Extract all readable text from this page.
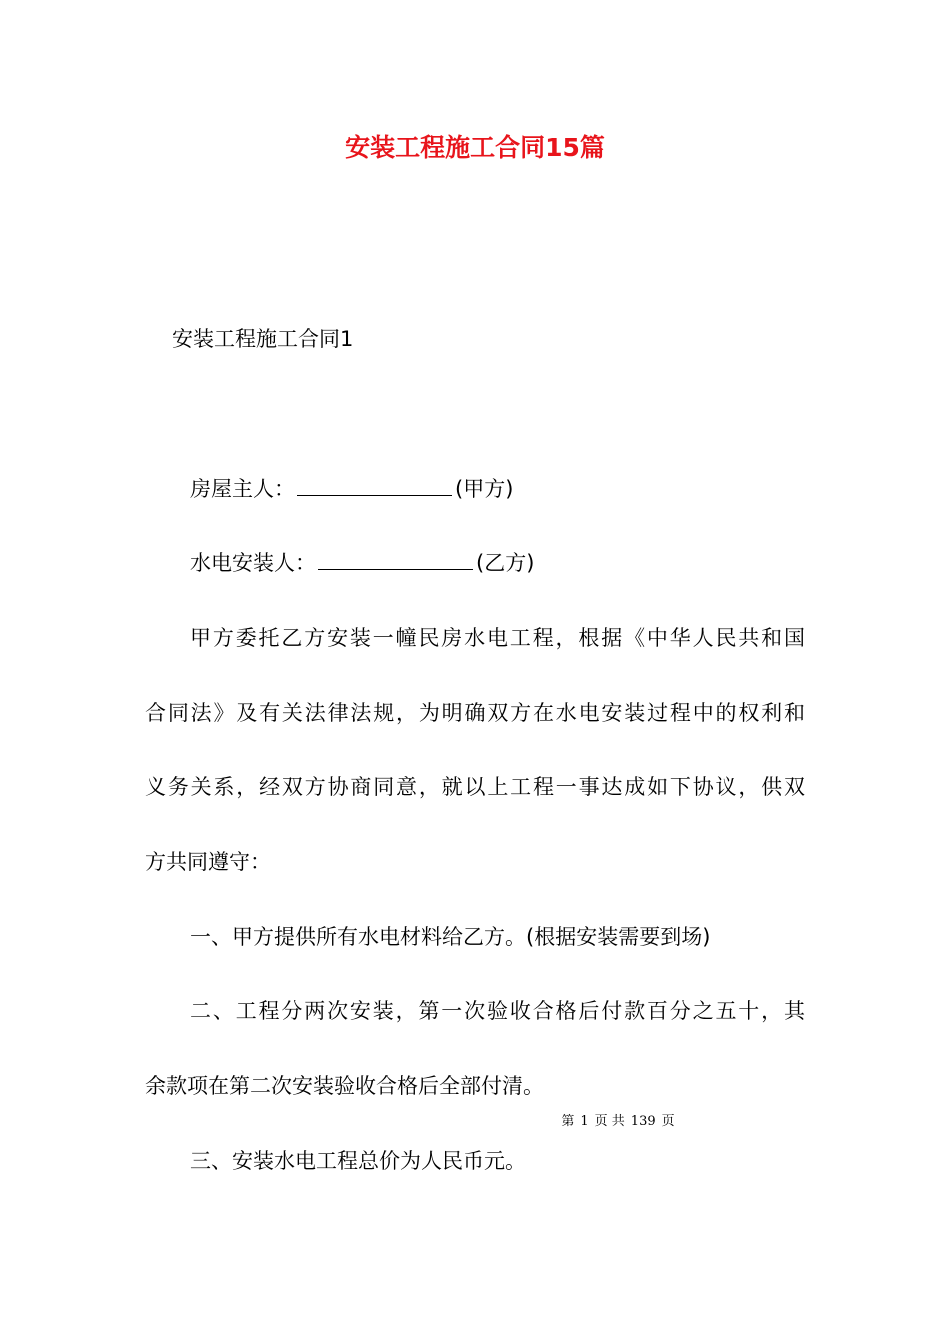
安装工程施工合同15篇
安装工程施工合同1
房屋主人：	(甲方)
水电安装人：	(乙方)
甲方委托乙方安装一幢民房水电工程，根据《中华人民共和国
合同法》及有关法律法规，为明确双方在水电安装过程中的权利和
义务关系，经双方协商同意，就以上工程一事达成如下协议，供双
方共同遵守：
一、甲方提供所有水电材料给乙方。(根据安装需要到场)
二、工程分两次安装，第一次验收合格后付款百分之五十，其
余款项在第二次安装验收合格后全部付清。
第 1 页 共 139 页
三、安装水电工程总价为人民币元。
